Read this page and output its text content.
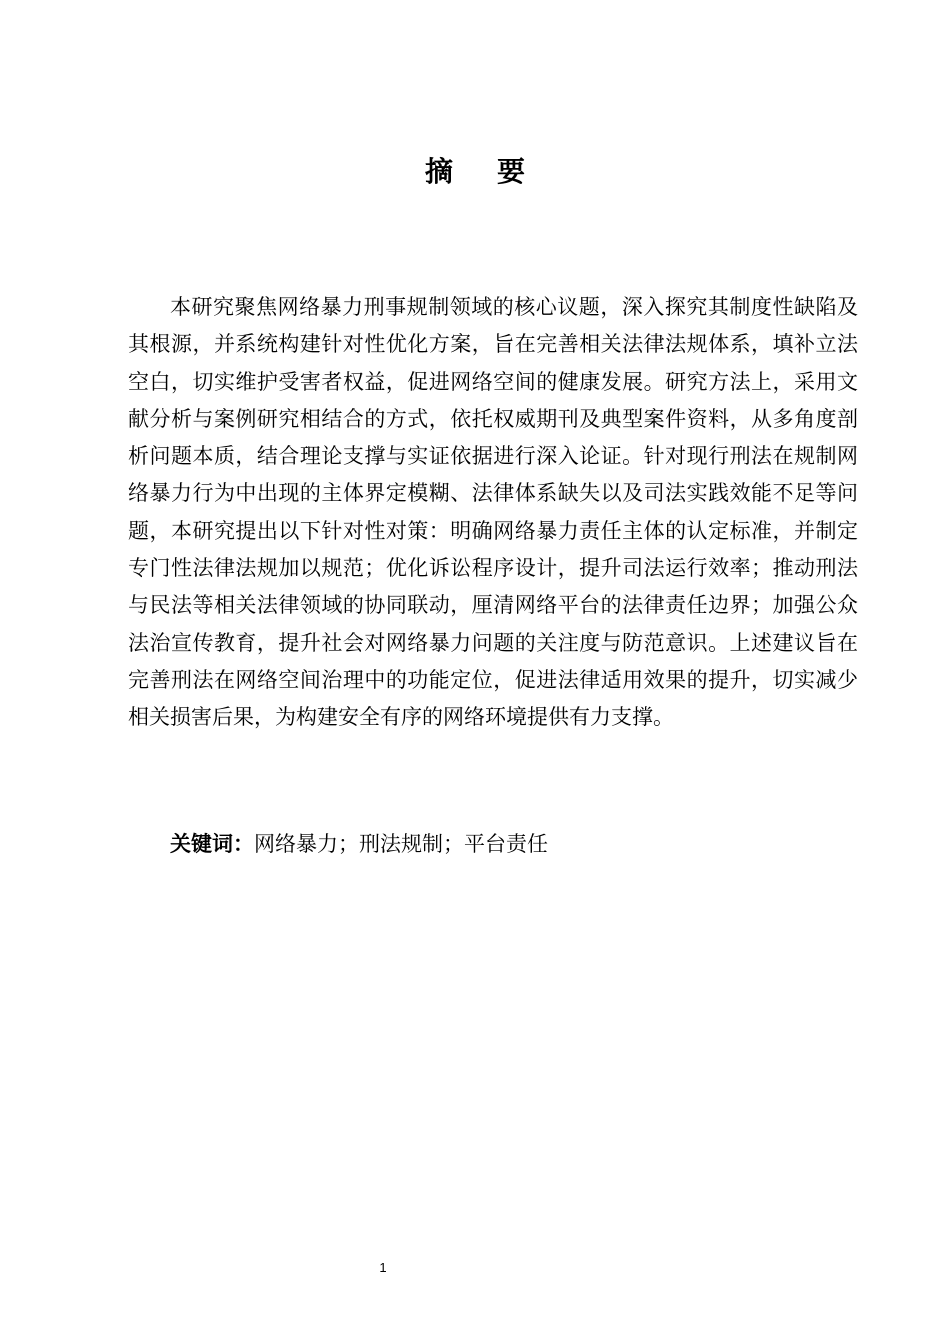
摘 要

本研究聚焦网络暴力刑事规制领域的核心议题，深入探究其制度性缺陷及其根源，并系统构建针对性优化方案，旨在完善相关法律法规体系，填补立法空白，切实维护受害者权益，促进网络空间的健康发展。研究方法上，采用文献分析与案例研究相结合的方式，依托权威期刊及典型案件资料，从多角度剖析问题本质，结合理论支撑与实证依据进行深入论证。针对现行刑法在规制网络暴力行为中出现的主体界定模糊、法律体系缺失以及司法实践效能不足等问题，本研究提出以下针对性对策：明确网络暴力责任主体的认定标准，并制定专门性法律法规加以规范；优化诉讼程序设计，提升司法运行效率；推动刑法与民法等相关法律领域的协同联动，厘清网络平台的法律责任边界；加强公众法治宣传教育，提升社会对网络暴力问题的关注度与防范意识。上述建议旨在完善刑法在网络空间治理中的功能定位，促进法律适用效果的提升，切实减少相关损害后果，为构建安全有序的网络环境提供有力支撑。

关键词：网络暴力；刑法规制；平台责任

1
